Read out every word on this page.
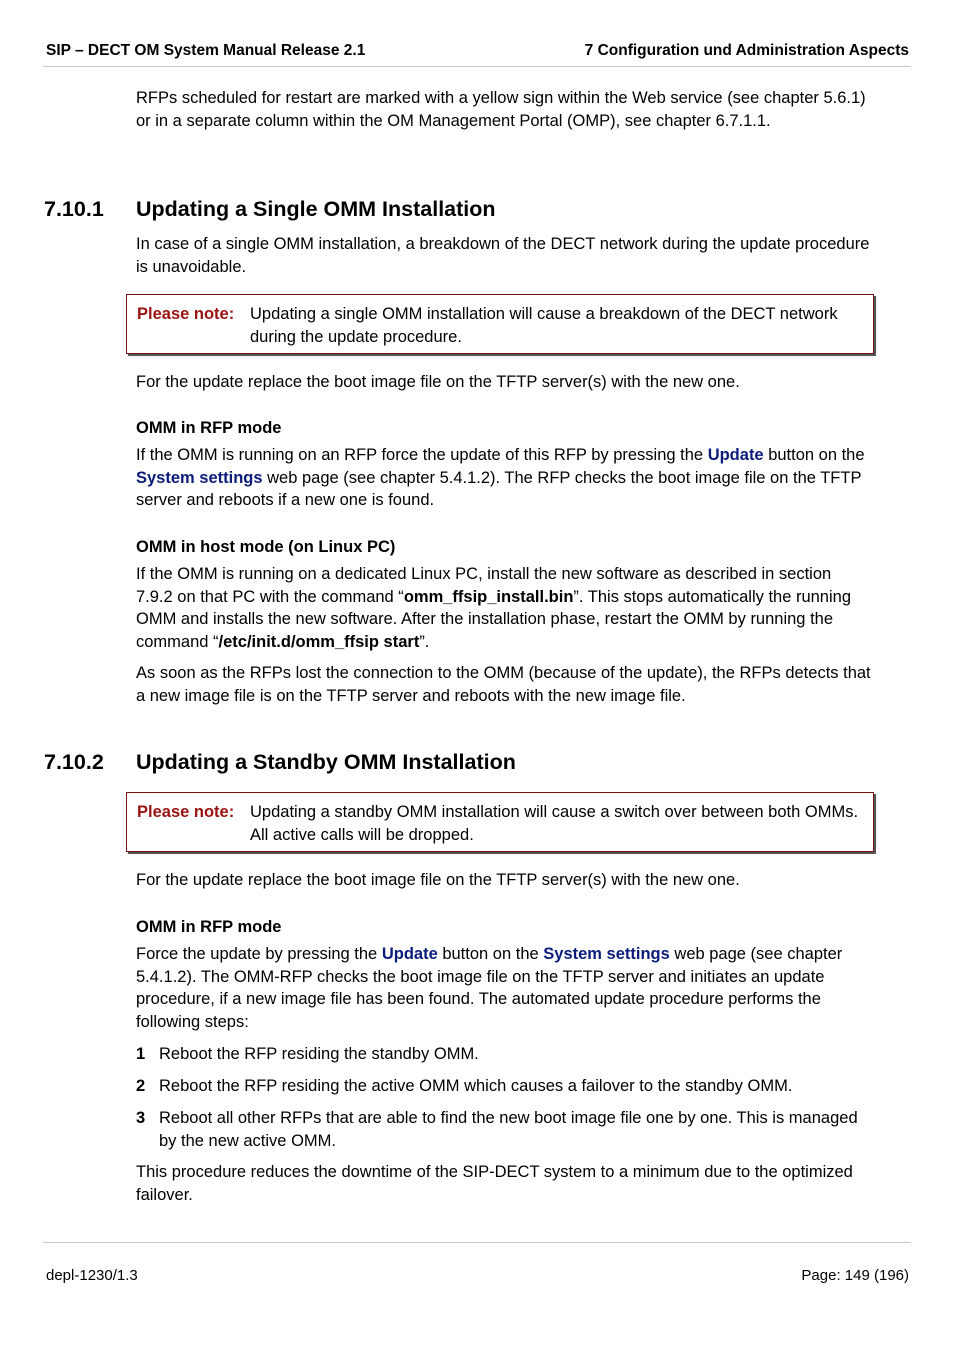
SIP – DECT OM System Manual Release 2.1	7 Configuration und Administration Aspects
RFPs scheduled for restart are marked with a yellow sign within the Web service (see chapter 5.6.1) or in a separate column within the OM Management Portal (OMP), see chapter 6.7.1.1.
7.10.1 Updating a Single OMM Installation
In case of a single OMM installation, a breakdown of the DECT network during the update procedure is unavoidable.
Please note: Updating a single OMM installation will cause a breakdown of the DECT network during the update procedure.
For the update replace the boot image file on the TFTP server(s) with the new one.
OMM in RFP mode
If the OMM is running on an RFP force the update of this RFP by pressing the Update button on the System settings web page (see chapter 5.4.1.2). The RFP checks the boot image file on the TFTP server and reboots if a new one is found.
OMM in host mode (on Linux PC)
If the OMM is running on a dedicated Linux PC, install the new software as described in section 7.9.2 on that PC with the command “omm_ffsip_install.bin”. This stops automatically the running OMM and installs the new software. After the installation phase, restart the OMM by running the command “/etc/init.d/omm_ffsip start”.
As soon as the RFPs lost the connection to the OMM (because of the update), the RFPs detects that a new image file is on the TFTP server and reboots with the new image file.
7.10.2 Updating a Standby OMM Installation
Please note: Updating a standby OMM installation will cause a switch over between both OMMs. All active calls will be dropped.
For the update replace the boot image file on the TFTP server(s) with the new one.
OMM in RFP mode
Force the update by pressing the Update button on the System settings web page (see chapter 5.4.1.2). The OMM-RFP checks the boot image file on the TFTP server and initiates an update procedure, if a new image file has been found. The automated update procedure performs the following steps:
1 Reboot the RFP residing the standby OMM.
2 Reboot the RFP residing the active OMM which causes a failover to the standby OMM.
3 Reboot all other RFPs that are able to find the new boot image file one by one. This is managed by the new active OMM.
This procedure reduces the downtime of the SIP-DECT system to a minimum due to the optimized failover.
depl-1230/1.3	Page: 149 (196)
